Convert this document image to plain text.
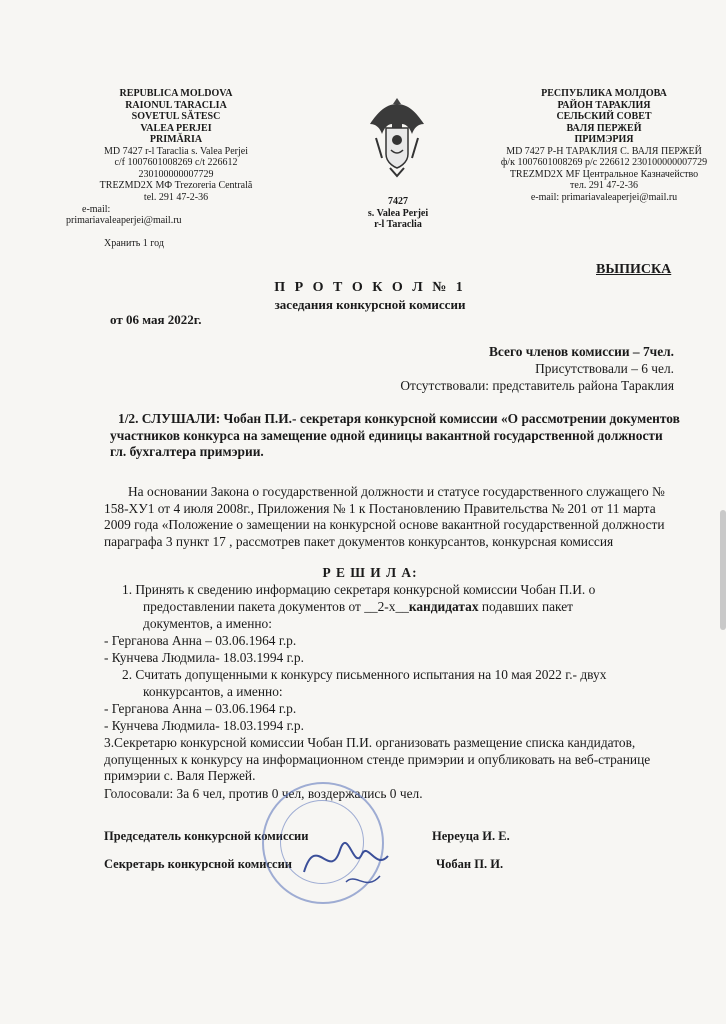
REPUBLICA MOLDOVA
RAIONUL TARACLIA
SOVETUL SĂTESC
VALEA PERJEI
PRIMĂRIA
MD 7427 r-l Taraclia s. Valea Perjei
c/f 1007601008269 c/t 226612
230100000007729
TREZMD2X МФ Trezoreria Centrală
tel. 291 47-2-36
e-mail:
primariavaleaperjei@mail.ru
Хранить 1 год
7427
s. Valea Perjei
r-l Taraclia
РЕСПУБЛИКА МОЛДОВА
РАЙОН ТАРАКЛИЯ
СЕЛЬСКИЙ СОВЕТ
ВАЛЯ ПЕРЖЕЙ
ПРИМЭРИЯ
MD 7427 Р-Н ТАРАКЛИЯ С. ВАЛЯ ПЕРЖЕЙ
ф/к 1007601008269 р/с 226612 230100000007729
TREZMD2X MF Центральное Казначейство
тел. 291 47-2-36
e-mail: primariavaleaperjei@mail.ru
ВЫПИСКА
П Р О Т О К О Л № 1
заседания конкурсной комиссии
от 06 мая 2022г.
Всего членов комиссии – 7чел.
Присутствовали – 6 чел.
Отсутствовали: представитель района Тараклия
1/2. СЛУШАЛИ: Чобан П.И.- секретаря конкурсной комиссии «О рассмотрении документов участников конкурса на замещение одной единицы вакантной государственной должности гл. бухгалтера примэрии.
На основании Закона о государственной должности и статусе государственного служащего № 158-ХУ1 от 4 июля 2008г., Приложения № 1 к Постановлению Правительства № 201 от 11 марта 2009 года «Положение о замещении на конкурсной основе вакантной государственной должности параграфа 3 пункт 17 , рассмотрев пакет документов конкурсантов, конкурсная комиссия
Р Е Ш И Л А:
1. Принять к сведению информацию секретаря конкурсной комиссии Чобан П.И. о
предоставлении пакета документов от __2-х__кандидатах подавших пакет
документов, а именно:
- Герганова Анна – 03.06.1964 г.р.
- Кунчева Людмила- 18.03.1994 г.р.
2. Считать допущенными к конкурсу письменного испытания на 10 мая 2022 г.- двух
конкурсантов, а именно:
- Герганова Анна – 03.06.1964 г.р.
- Кунчева Людмила- 18.03.1994 г.р.
3.Секретарю конкурсной комиссии Чобан П.И. организовать размещение списка кандидатов, допущенных к конкурсу на информационном стенде примэрии и опубликовать на веб-странице примэрии с. Валя Пержей.
Голосовали: За 6 чел, против 0 чел, воздержались 0 чел.
Председатель конкурсной комиссии	Нереуца И. Е.
Секретарь конкурсной комиссии	Чобан П. И.
